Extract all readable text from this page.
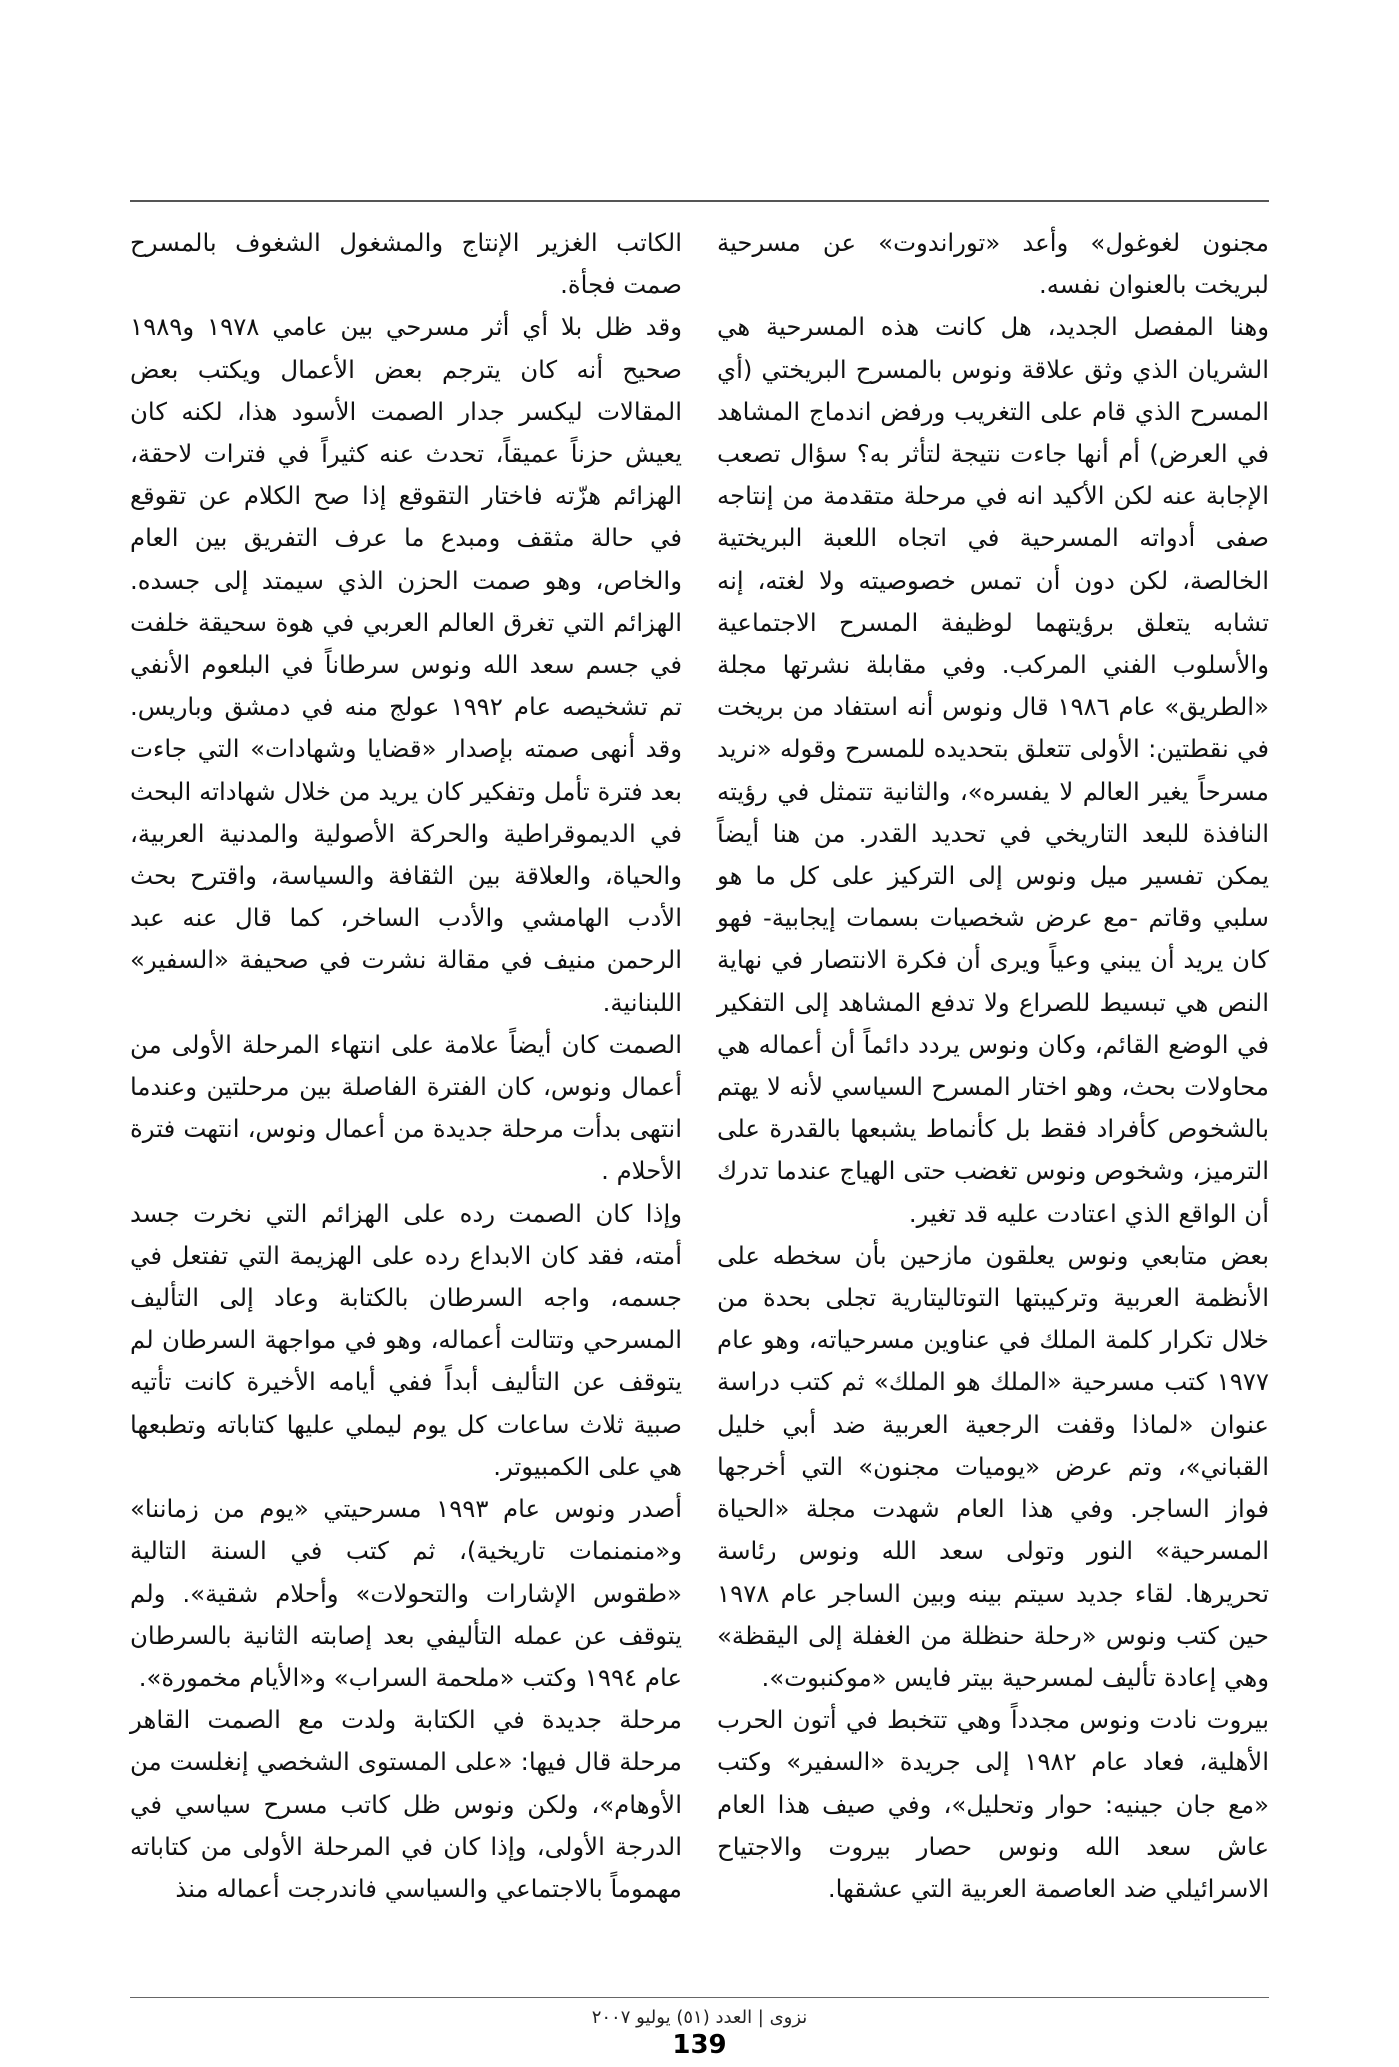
مجنون لغوغول» وأعد «توراندوت» عن مسرحية لبريخت بالعنوان نفسه.

وهنا المفصل الجديد، هل كانت هذه المسرحية هي الشريان الذي وثق علاقة ونوس بالمسرح البريختي (أي المسرح الذي قام على التغريب ورفض اندماج المشاهد في العرض) أم أنها جاءت نتيجة لتأثر به؟ سؤال تصعب الإجابة عنه لكن الأكيد انه في مرحلة متقدمة من إنتاجه صفى أدواته المسرحية في اتجاه اللعبة البريختية الخالصة، لكن دون أن تمس خصوصيته ولا لغته، إنه تشابه يتعلق برؤيتهما لوظيفة المسرح الاجتماعية والأسلوب الفني المركب. وفي مقابلة نشرتها مجلة «الطريق» عام ١٩٨٦ قال ونوس أنه استفاد من بريخت في نقطتين: الأولى تتعلق بتحديده للمسرح وقوله «نريد مسرحاً يغير العالم لا يفسره»، والثانية تتمثل في رؤيته النافذة للبعد التاريخي في تحديد القدر. من هنا أيضاً يمكن تفسير ميل ونوس إلى التركيز على كل ما هو سلبي وقاتم -مع عرض شخصيات بسمات إيجابية- فهو كان يريد أن يبني وعياً ويرى أن فكرة الانتصار في نهاية النص هي تبسيط للصراع ولا تدفع المشاهد إلى التفكير في الوضع القائم، وكان ونوس يردد دائماً أن أعماله هي محاولات بحث، وهو اختار المسرح السياسي لأنه لا يهتم بالشخوص كأفراد فقط بل كأنماط يشبعها بالقدرة على الترميز، وشخوص ونوس تغضب حتى الهياج عندما تدرك أن الواقع الذي اعتادت عليه قد تغير.

بعض متابعي ونوس يعلقون مازحين بأن سخطه على الأنظمة العربية وتركيبتها التوتاليتارية تجلى بحدة من خلال تكرار كلمة الملك في عناوين مسرحياته، وهو عام ١٩٧٧ كتب مسرحية «الملك هو الملك» ثم كتب دراسة عنوان «لماذا وقفت الرجعية العربية ضد أبي خليل القباني»، وتم عرض «يوميات مجنون» التي أخرجها فواز الساجر. وفي هذا العام شهدت مجلة «الحياة المسرحية» النور وتولى سعد الله ونوس رئاسة تحريرها. لقاء جديد سيتم بينه وبين الساجر عام ١٩٧٨ حين كتب ونوس «رحلة حنظلة من الغفلة إلى اليقظة» وهي إعادة تأليف لمسرحية بيتر فايس «موكنبوت».

بيروت نادت ونوس مجدداً وهي تتخبط في أتون الحرب الأهلية، فعاد عام ١٩٨٢ إلى جريدة «السفير» وكتب «مع جان جينيه: حوار وتحليل»، وفي صيف هذا العام عاش سعد الله ونوس حصار بيروت والاجتياح الاسرائيلي ضد العاصمة العربية التي عشقها.

الكاتب الغزير الإنتاج والمشغول الشغوف بالمسرح صمت فجأة.

وقد ظل بلا أي أثر مسرحي بين عامي ١٩٧٨ و١٩٨٩ صحيح أنه كان يترجم بعض الأعمال ويكتب بعض المقالات ليكسر جدار الصمت الأسود هذا، لكنه كان يعيش حزناً عميقاً، تحدث عنه كثيراً في فترات لاحقة، الهزائم هزّته فاختار التقوقع إذا صح الكلام عن تقوقع في حالة مثقف ومبدع ما عرف التفريق بين العام والخاص، وهو صمت الحزن الذي سيمتد إلى جسده. الهزائم التي تغرق العالم العربي في هوة سحيقة خلفت في جسم سعد الله ونوس سرطاناً في البلعوم الأنفي تم تشخيصه عام ١٩٩٢ عولج منه في دمشق وباريس. وقد أنهى صمته بإصدار «قضايا وشهادات» التي جاءت بعد فترة تأمل وتفكير كان يريد من خلال شهاداته البحث في الديموقراطية والحركة الأصولية والمدنية العربية، والحياة، والعلاقة بين الثقافة والسياسة، واقترح بحث الأدب الهامشي والأدب الساخر، كما قال عنه عبد الرحمن منيف في مقالة نشرت في صحيفة «السفير» اللبنانية.

الصمت كان أيضاً علامة على انتهاء المرحلة الأولى من أعمال ونوس، كان الفترة الفاصلة بين مرحلتين وعندما انتهى بدأت مرحلة جديدة من أعمال ونوس، انتهت فترة الأحلام .

وإذا كان الصمت رده على الهزائم التي نخرت جسد أمته، فقد كان الابداع رده على الهزيمة التي تفتعل في جسمه، واجه السرطان بالكتابة وعاد إلى التأليف المسرحي وتتالت أعماله، وهو في مواجهة السرطان لم يتوقف عن التأليف أبداً ففي أيامه الأخيرة كانت تأتيه صبية ثلاث ساعات كل يوم ليملي عليها كتاباته وتطبعها هي على الكمبيوتر.

أصدر ونوس عام ١٩٩٣ مسرحيتي «يوم من زماننا» و«منمنمات تاريخية)، ثم كتب في السنة التالية «طقوس الإشارات والتحولات» وأحلام شقية». ولم يتوقف عن عمله التأليفي بعد إصابته الثانية بالسرطان عام ١٩٩٤ وكتب «ملحمة السراب» و«الأيام مخمورة».

مرحلة جديدة في الكتابة ولدت مع الصمت القاهر مرحلة قال فيها: «على المستوى الشخصي إنغلست من الأوهام»، ولكن ونوس ظل كاتب مسرح سياسي في الدرجة الأولى، وإذا كان في المرحلة الأولى من كتاباته مهموماً بالاجتماعي والسياسي فاندرجت أعماله منذ

نزوى | العدد (٥١) يوليو ٢٠٠٧
139
